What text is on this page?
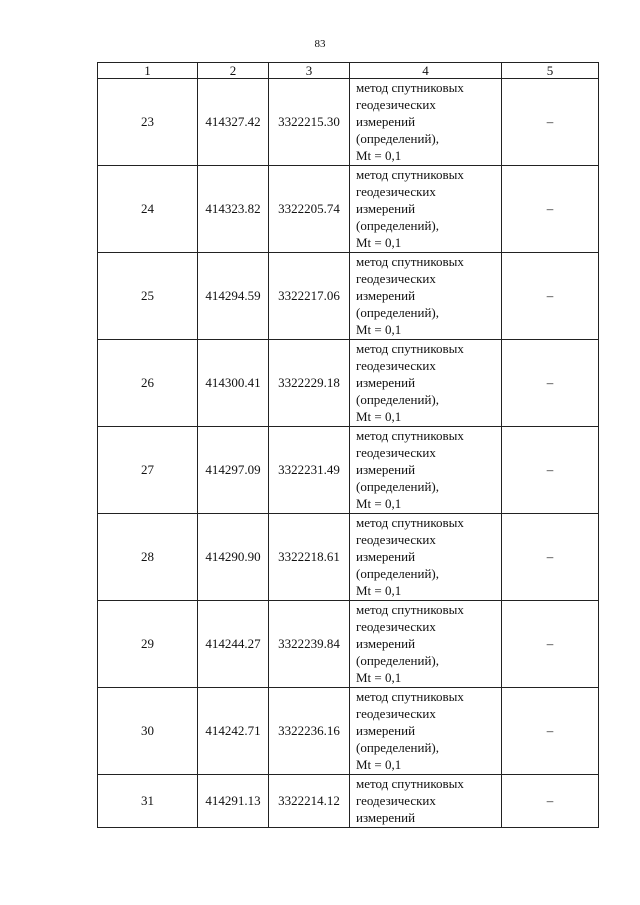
83
1	2	3	4	5
23	414327.42	3322215.30	метод спутниковых
геодезических
измерений
(определений),
Mt = 0,1	–
24	414323.82	3322205.74	метод спутниковых
геодезических
измерений
(определений),
Mt = 0,1	–
25	414294.59	3322217.06	метод спутниковых
геодезических
измерений
(определений),
Mt = 0,1	–
26	414300.41	3322229.18	метод спутниковых
геодезических
измерений
(определений),
Mt = 0,1	–
27	414297.09	3322231.49	метод спутниковых
геодезических
измерений
(определений),
Mt = 0,1	–
28	414290.90	3322218.61	метод спутниковых
геодезических
измерений
(определений),
Mt = 0,1	–
29	414244.27	3322239.84	метод спутниковых
геодезических
измерений
(определений),
Mt = 0,1	–
30	414242.71	3322236.16	метод спутниковых
геодезических
измерений
(определений),
Mt = 0,1	–
31	414291.13	3322214.12	метод спутниковых
геодезических
измерений	–
